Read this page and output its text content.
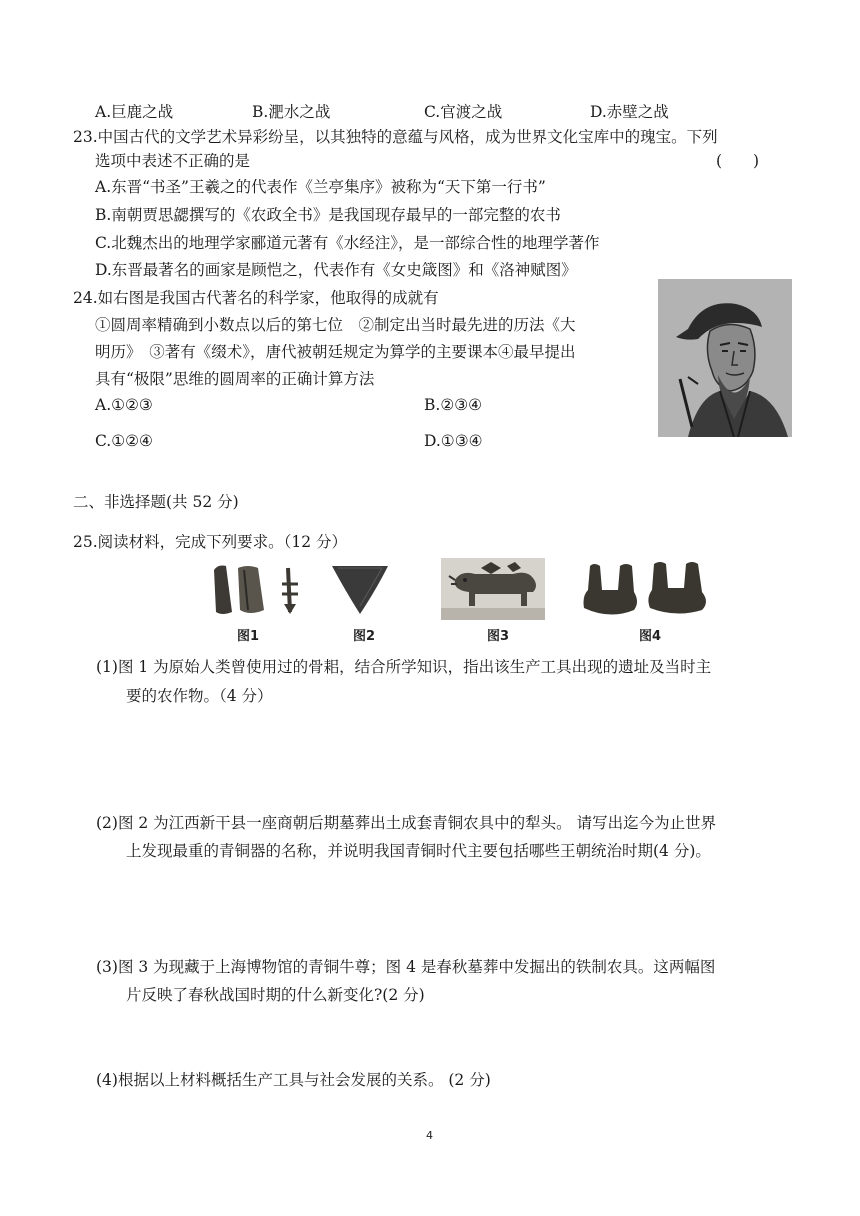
A.巨鹿之战	B.淝水之战	C.官渡之战	D.赤壁之战
23.中国古代的文学艺术异彩纷呈，以其独特的意蕴与风格，成为世界文化宝库中的瑰宝。下列
选项中表述不正确的是	(　　)
A.东晋“书圣”王羲之的代表作《兰亭集序》被称为“天下第一行书”
B.南朝贾思勰撰写的《农政全书》是我国现存最早的一部完整的农书
C.北魏杰出的地理学家郦道元著有《水经注》，是一部综合性的地理学著作
D.东晋最著名的画家是顾恺之，代表作有《女史箴图》和《洛神赋图》
24.如右图是我国古代著名的科学家，他取得的成就有
①圆周率精确到小数点以后的第七位　②制定出当时最先进的历法《大
明历》　③著有《缀术》，唐代被朝廷规定为算学的主要课本④最早提出
具有“极限”思维的圆周率的正确计算方法
A.①②③	B.②③④
C.①②④	D.①③④
二、非选择题(共 52 分)
25.阅读材料，完成下列要求。（12 分）
图1	图2	图3	图4
(1)图 1 为原始人类曾使用过的骨耜，结合所学知识，指出该生产工具出现的遗址及当时主
要的农作物。（4 分）
(2)图 2 为江西新干县一座商朝后期墓葬出土成套青铜农具中的犁头。 请写出迄今为止世界
上发现最重的青铜器的名称，并说明我国青铜时代主要包括哪些王朝统治时期(4 分)。
(3)图 3 为现藏于上海博物馆的青铜牛尊；图 4 是春秋墓葬中发掘出的铁制农具。这两幅图
片反映了春秋战国时期的什么新变化?(2 分)
(4)根据以上材料概括生产工具与社会发展的关系。 (2 分)
4
